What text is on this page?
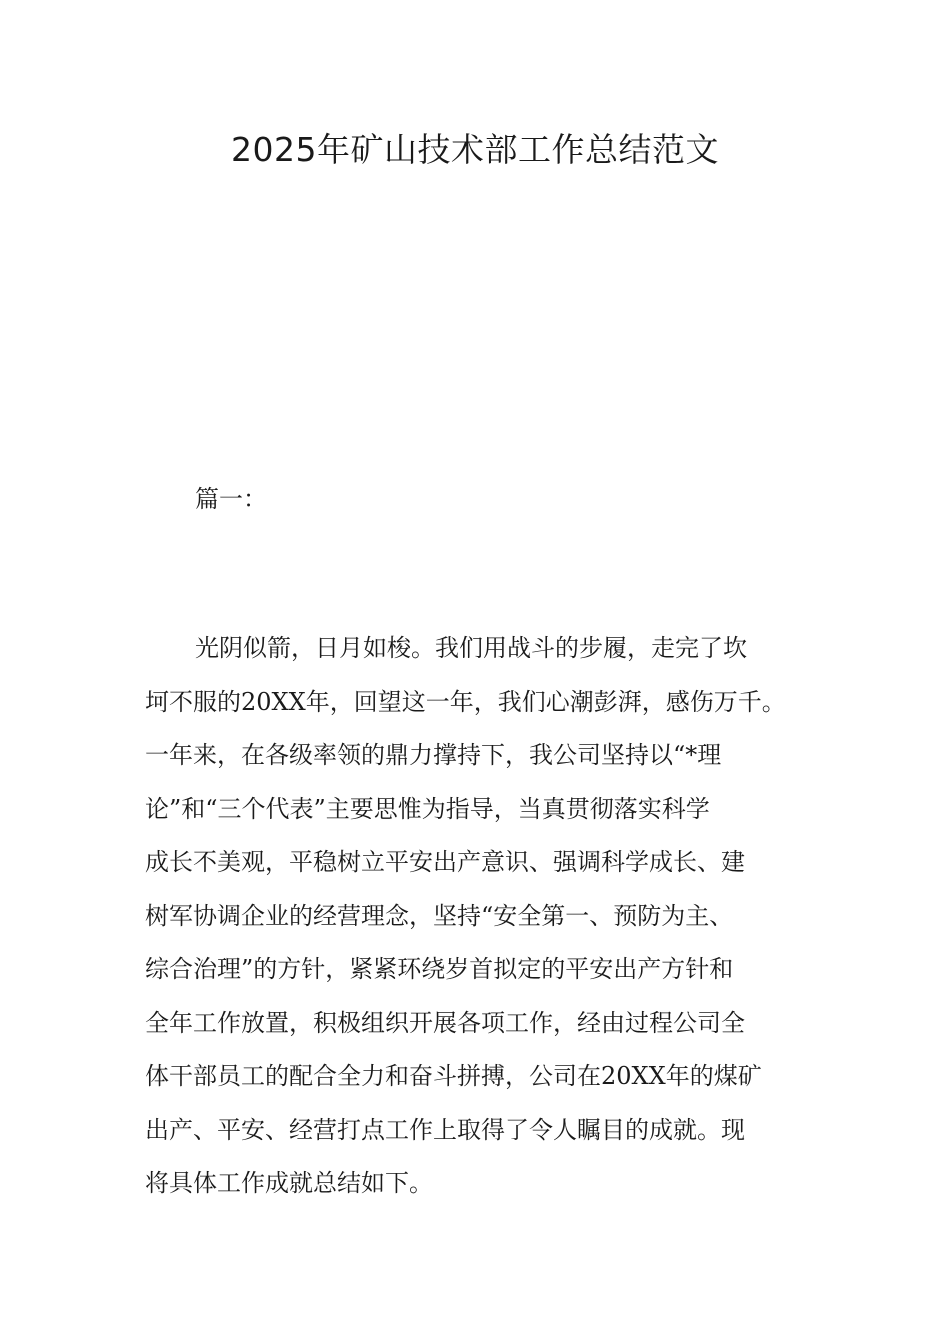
2025年矿山技术部工作总结范文
篇一：
光阴似箭，日月如梭。我们用战斗的步履，走完了坎
坷不服的20XX年，回望这一年，我们心潮彭湃，感伤万千。
一年来，在各级率领的鼎力撑持下，我公司坚持以“*理
论”和“三个代表”主要思惟为指导，当真贯彻落实科学
成长不美观，平稳树立平安出产意识、强调科学成长、建
树军协调企业的经营理念，坚持“安全第一、预防为主、
综合治理”的方针，紧紧环绕岁首拟定的平安出产方针和
全年工作放置，积极组织开展各项工作，经由过程公司全
体干部员工的配合全力和奋斗拼搏，公司在20XX年的煤矿
出产、平安、经营打点工作上取得了令人瞩目的成就。现
将具体工作成就总结如下。
